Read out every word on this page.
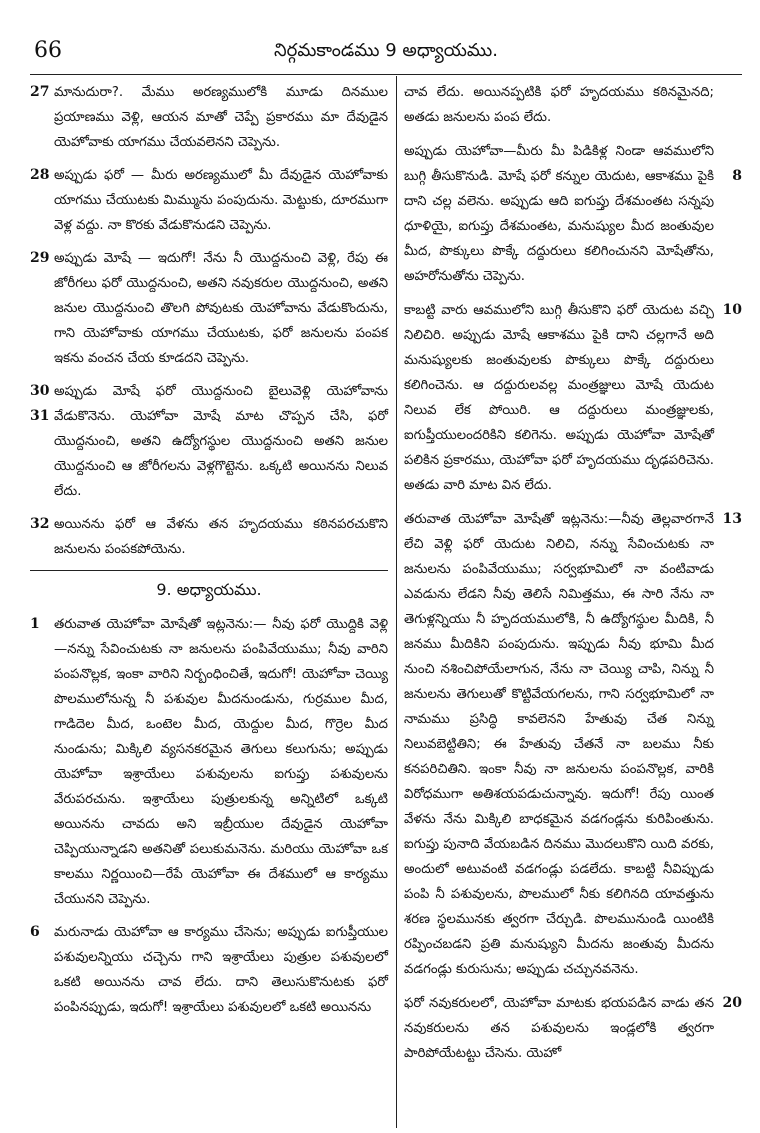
66	నిర్గమకాండము 9 అధ్యాయము.
27 మానుదురా?. మేము అరణ్యములోకి మూడు దినముల ప్రయాణము వెళ్లి, ఆయన మాతో చెప్పే ప్రకారము మా దేవుడైన యెహోవాకు యాగము చేయవలెనని చెప్పెను.
28 అప్పుడు ఫరో — మీరు అరణ్యములో మీ దేవుడైన యెహోవాకు యాగము చేయుటకు మిమ్మును పంపుదును. మెట్టుకు, దూరముగా వెళ్ల వద్దు. నా కొరకు వేడుకొనుడని చెప్పెను.
29 అప్పుడు మోషే — ఇదుగో! నేను నీ యొద్దనుంచి వెళ్లి, రేపు ఈ జోరీగలు ఫరో యొద్దనుంచి, అతని నవుకరుల యొద్దనుంచి, అతని జనుల యొద్దనుంచి తొలగి పోవుటకు యెహోవాను వేడుకొందును, గాని యెహోవాకు యాగము చేయుటకు, ఫరో జనులను పంపక ఇకను వంచన చేయ కూడదని చెప్పెను.
30
31
అప్పుడు మోషే ఫరో యొద్దనుంచి బైలువెళ్లి యెహోవాను వేడుకొనెను. యెహోవా మోషే మాట చొప్పన చేసి, ఫరో యొద్దనుంచి, అతని ఉద్యోగస్థుల యొద్దనుంచి అతని జనుల యొద్దనుంచి ఆ జోరీగలను వెళ్లగొట్టెను. ఒక్కటి అయినను నిలువ లేదు.
32 అయినను ఫరో ఆ వేళను తన హృదయము కఠినపరచుకొని జనులను పంపకపోయెను.
9. అధ్యాయము.
1	తరువాత యెహోవా మోషేతో ఇట్లనెను:— నీవు ఫరో యొద్దికి వెళ్లి—నన్ను సేవించుటకు నా జనులను పంపివేయుము; నీవు వారిని పంపనొల్లక, ఇంకా వారిని నిర్బంధించితే, ఇదుగో! యెహోవా చెయ్యి పొలములోనున్న నీ పశువుల మీదనుండును, గుర్రముల మీద, గాడిదెల మీద, ఒంటెల మీద, యెద్దుల మీద, గొర్రెల మీద నుండును; మిక్కిలి వ్యసనకరమైన తెగులు కలుగును; అప్పుడు యెహోవా ఇశ్రాయేలు పశువులను ఐగుప్తు పశువులను వేరుపరచును. ఇశ్రాయేలు పుత్రులకున్న అన్నిటిలో ఒక్కటి అయినను చావదు అని ఇబ్రీయుల దేవుడైన యెహోవా చెప్పియున్నాడని అతనితో పలుకుమనెను. మరియు యెహోవా ఒక కాలము నిర్ణయించి—రేపే యెహోవా ఈ దేశములో ఆ కార్యము చేయునని చెప్పెను.
6	మరునాడు యెహోవా ఆ కార్యము చేసెను; అప్పుడు ఐగుప్తీయుల పశువులన్నియు చచ్చెను గాని ఇశ్రాయేలు పుత్రుల పశువులలో ఒకటి అయినను చావ లేదు. దాని తెలుసుకొనుటకు ఫరో పంపినప్పుడు, ఇదుగో! ఇశ్రాయేలు పశువులలో ఒకటి అయినను
చావ లేదు. అయినప్పటికి ఫరో హృదయము కఠినమైనది; అతడు జనులను పంప లేదు.
8
అప్పుడు యెహోవా—మీరు మీ పిడికిళ్ల నిండా ఆవములోని బుగ్గి తీసుకొనుడి. మోషే ఫరో కన్నుల యెదుట, ఆకాశము పైకి దాని చల్ల వలెను. అప్పుడు ఆది ఐగుప్తు దేశమంతట సన్నపు ధూళియై, ఐగుప్తు దేశమంతట, మనుష్యుల మీద జంతువుల మీద, పొక్కులు పొక్కే దద్దురులు కలిగించునని మోషేతోను, అహరోనుతోను చెప్పెను.
10
కాబట్టి వారు ఆవములోని బుగ్గి తీసుకొని ఫరో యెదుట వచ్చి నిలిచిరి. అప్పుడు మోషే ఆకాశము పైకి దాని చల్లగానే అది మనుష్యులకు జంతువులకు పొక్కులు పొక్కే దద్దురులు కలిగించెను. ఆ దద్దురులవల్ల మంత్రజ్ఞులు మోషే యెదుట నిలువ లేక పోయిరి. ఆ దద్దురులు మంత్రజ్ఞులకు, ఐగుప్తీయులందరికిని కలిగెను. అప్పుడు యెహోవా మోషేతో పలికిన ప్రకారము, యెహోవా ఫరో హృదయము దృఢపరిచెను. అతడు వారి మాట విన లేదు.
13
తరువాత యెహోవా మోషేతో ఇట్లనెను:—నీవు తెల్లవారగానే లేచి వెళ్లి ఫరో యెదుట నిలిచి, నన్ను సేవించుటకు నా జనులను పంపివేయుము; సర్వభూమిలో నా వంటివాడు ఎవడును లేడని నీవు తెలిసే నిమిత్తము, ఈ సారి నేను నా తెగుళ్లన్నియు నీ హృదయములోకి, నీ ఉద్యోగస్థుల మీదికి, నీ జనము మీదికిని పంపుదును. ఇప్పుడు నీవు భూమి మీద నుంచి నశించిపోయేలాగున, నేను నా చెయ్యి చాపి, నిన్ను నీ జనులను తెగులుతో కొట్టివేయగలను, గాని సర్వభూమిలో నా నామము ప్రసిద్ధి కావలెనని హేతువు చేత నిన్ను నిలువబెట్టితిని; ఈ హేతువు చేతనే నా బలము నీకు కనపరిచితిని. ఇంకా నీవు నా జనులను పంపనొల్లక, వారికి విరోధముగా అతిశయపడుచున్నావు. ఇదుగో! రేపు యింత వేళను నేను మిక్కిలి బాధకమైన వడగండ్లను కురిపింతును. ఐగుప్తు పునాది వేయబడిన దినము మొదలుకొని యిది వరకు, అందులో అటువంటి వడగండ్లు పడలేదు. కాబట్టి నీవిప్పుడు పంపి నీ పశువులను, పొలములో నీకు కలిగినది యావత్తును శరణ స్థలమునకు త్వరగా చేర్చుడి. పొలమునుండి యింటికి రప్పించబడని ప్రతి మనుష్యుని మీదను జంతువు మీదను వడగండ్లు కురుసును; అప్పుడు చచ్చునవనెను.
20
ఫరో నవుకరులలో, యెహోవా మాటకు భయపడిన వాడు తన నవుకరులను తన పశువులను ఇండ్లలోకి త్వరగా పారిపోయేటట్టు చేసెను. యెహో
